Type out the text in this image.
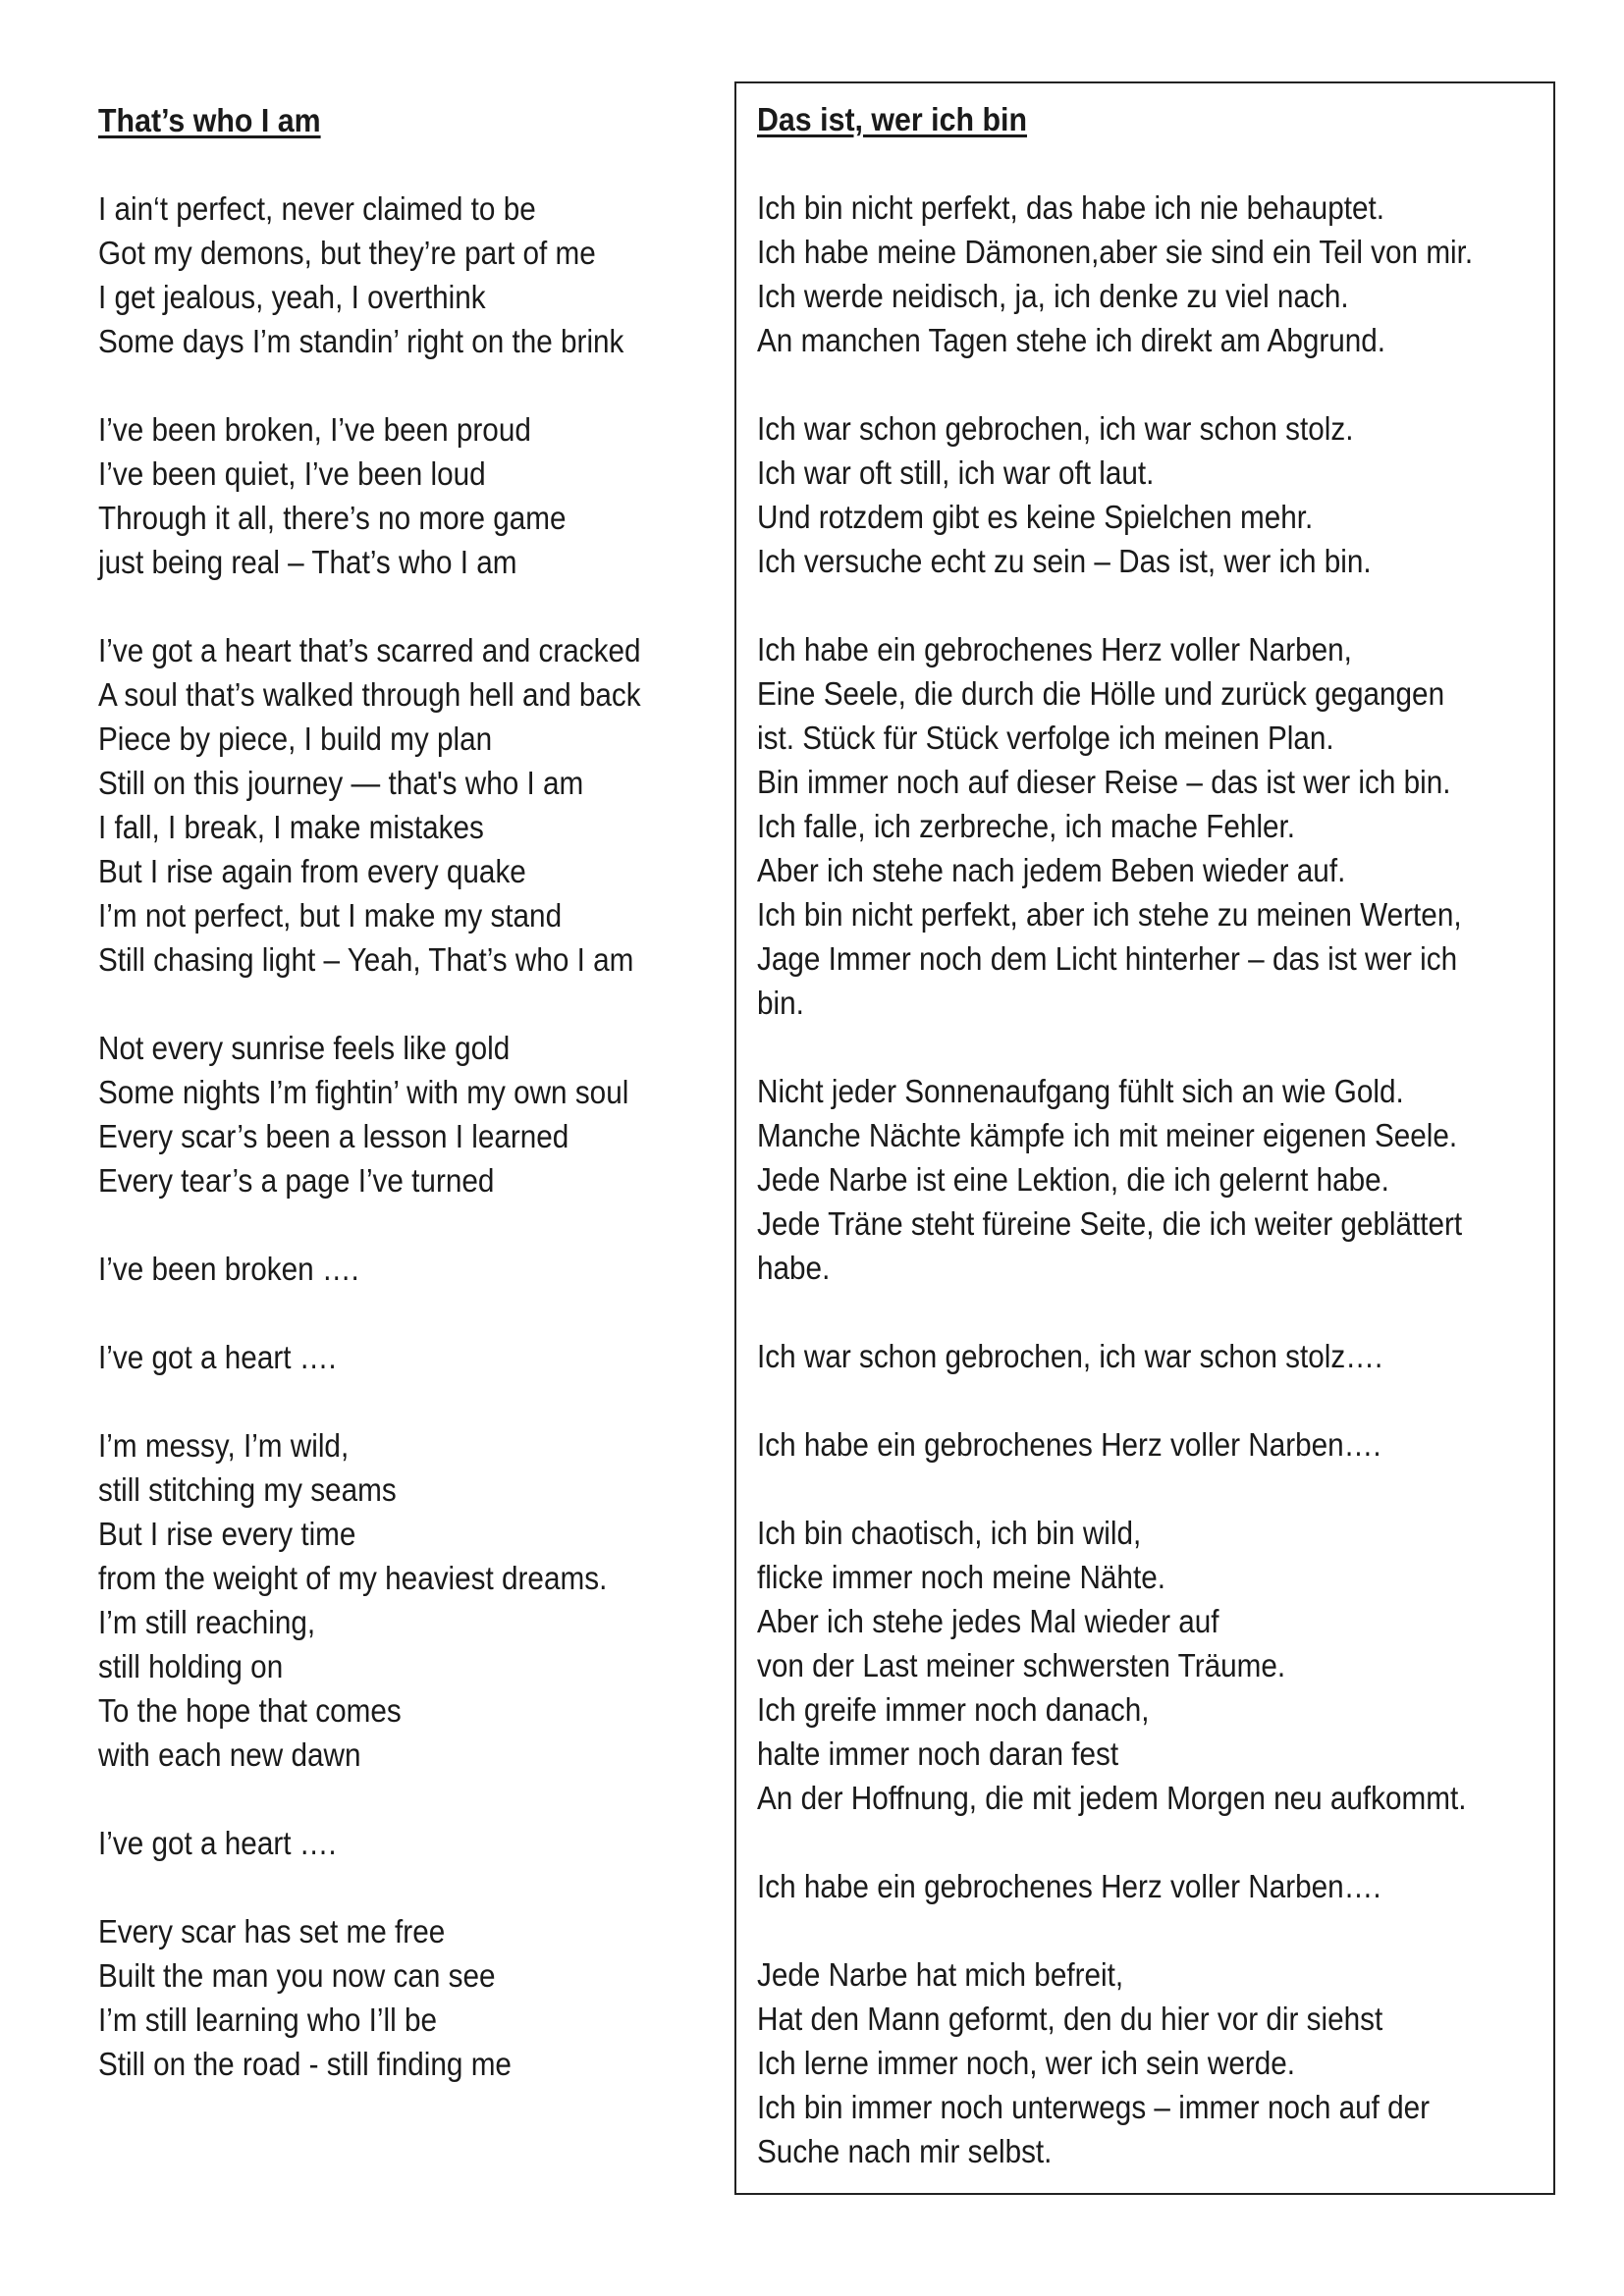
That’s who I am
I ain‘t perfect, never claimed to be
Got my demons, but they’re part of me
I get jealous, yeah, I overthink
Some days I’m standin’ right on the brink
I’ve been broken, I’ve been proud
I’ve been quiet, I’ve been loud
Through it all, there’s no more game
just being real – That’s who I am
I’ve got a heart that’s scarred and cracked
A soul that’s walked through hell and back
Piece by piece, I build my plan
Still on this journey — that's who I am
I fall, I break, I make mistakes
But I rise again from every quake
I’m not perfect, but I make my stand
Still chasing light – Yeah, That’s who I am
Not every sunrise feels like gold
Some nights I’m fightin’ with my own soul
Every scar’s been a lesson I learned
Every tear’s a page I’ve turned
I’ve been broken ….
I’ve got a heart ….
I’m messy, I’m wild,
still stitching my seams
But I rise every time
from the weight of my heaviest dreams.
I’m still reaching,
still holding on
To the hope that comes
with each new dawn
I’ve got a heart ….
Every scar has set me free
Built the man you now can see
I’m still learning who I’ll be
Still on the road - still finding me
Das ist, wer ich bin
Ich bin nicht perfekt, das habe ich nie behauptet.
Ich habe meine Dämonen,aber sie sind ein Teil von mir.
Ich werde neidisch, ja, ich denke zu viel nach.
An manchen Tagen stehe ich direkt am Abgrund.
Ich war schon gebrochen, ich war schon stolz.
Ich war oft still, ich war oft laut.
Und rotzdem gibt es keine Spielchen mehr.
Ich versuche echt zu sein – Das ist, wer ich bin.
Ich habe ein gebrochenes Herz voller Narben,
Eine Seele, die durch die Hölle und zurück gegangen
ist. Stück für Stück verfolge ich meinen Plan.
Bin immer noch auf dieser Reise – das ist wer ich bin.
Ich falle, ich zerbreche, ich mache Fehler.
Aber ich stehe nach jedem Beben wieder auf.
Ich bin nicht perfekt, aber ich stehe zu meinen Werten,
Jage Immer noch dem Licht hinterher – das ist wer ich
bin.
Nicht jeder Sonnenaufgang fühlt sich an wie Gold.
Manche Nächte kämpfe ich mit meiner eigenen Seele.
Jede Narbe ist eine Lektion, die ich gelernt habe.
Jede Träne steht füreine Seite, die ich weiter geblättert
habe.
Ich war schon gebrochen, ich war schon stolz….
Ich habe ein gebrochenes Herz voller Narben….
Ich bin chaotisch, ich bin wild,
flicke immer noch meine Nähte.
Aber ich stehe jedes Mal wieder auf
von der Last meiner schwersten Träume.
Ich greife immer noch danach,
halte immer noch daran fest
An der Hoffnung, die mit jedem Morgen neu aufkommt.
Ich habe ein gebrochenes Herz voller Narben….
Jede Narbe hat mich befreit,
Hat den Mann geformt, den du hier vor dir siehst
Ich lerne immer noch, wer ich sein werde.
Ich bin immer noch unterwegs – immer noch auf der
Suche nach mir selbst.
